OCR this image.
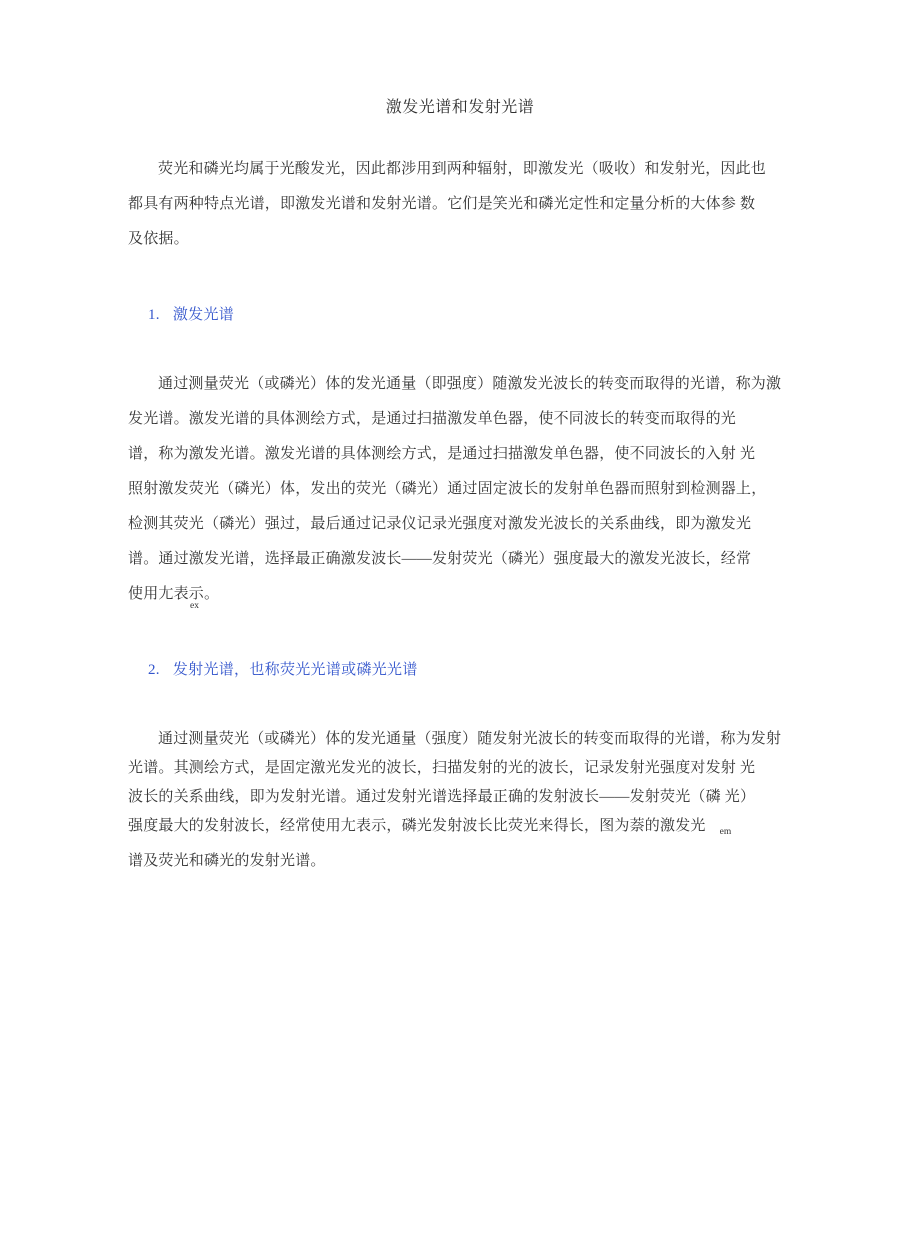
激发光谱和发射光谱
荧光和磷光均属于光酸发光，因此都涉用到两种辐射，即激发光（吸收）和发射光，因此也
都具有两种特点光谱，即激发光谱和发射光谱。它们是笑光和磷光定性和定量分析的大体参 数
及依据。
1. 激发光谱
通过测量荧光（或磷光）体的发光通量（即强度）随激发光波长的转变而取得的光谱，称为激
发光谱。激发光谱的具体测绘方式，是通过扫描激发单色器，使不同波长的转变而取得的光
谱，称为激发光谱。激发光谱的具体测绘方式，是通过扫描激发单色器，使不同波长的入射 光
照射激发荧光（磷光）体，发出的荧光（磷光）通过固定波长的发射单色器而照射到检测器上，
检测其荧光（磷光）强过，最后通过记录仪记录光强度对激发光波长的关系曲线，即为激发光
谱。通过激发光谱，选择最正确激发波长——发射荧光（磷光）强度最大的激发光波长，经常
使用尢表示。
ex
2. 发射光谱，也称荧光光谱或磷光光谱
通过测量荧光（或磷光）体的发光通量（强度）随发射光波长的转变而取得的光谱，称为发射
光谱。其测绘方式，是固定激光发光的波长，扫描发射的光的波长，记录发射光强度对发射 光
波长的关系曲线，即为发射光谱。通过发射光谱选择最正确的发射波长——发射荧光（磷 光）
强度最大的发射波长，经常使用尢表示，磷光发射波长比荧光来得长，图为萘的激发光 $_{em}$
谱及荧光和磷光的发射光谱。
